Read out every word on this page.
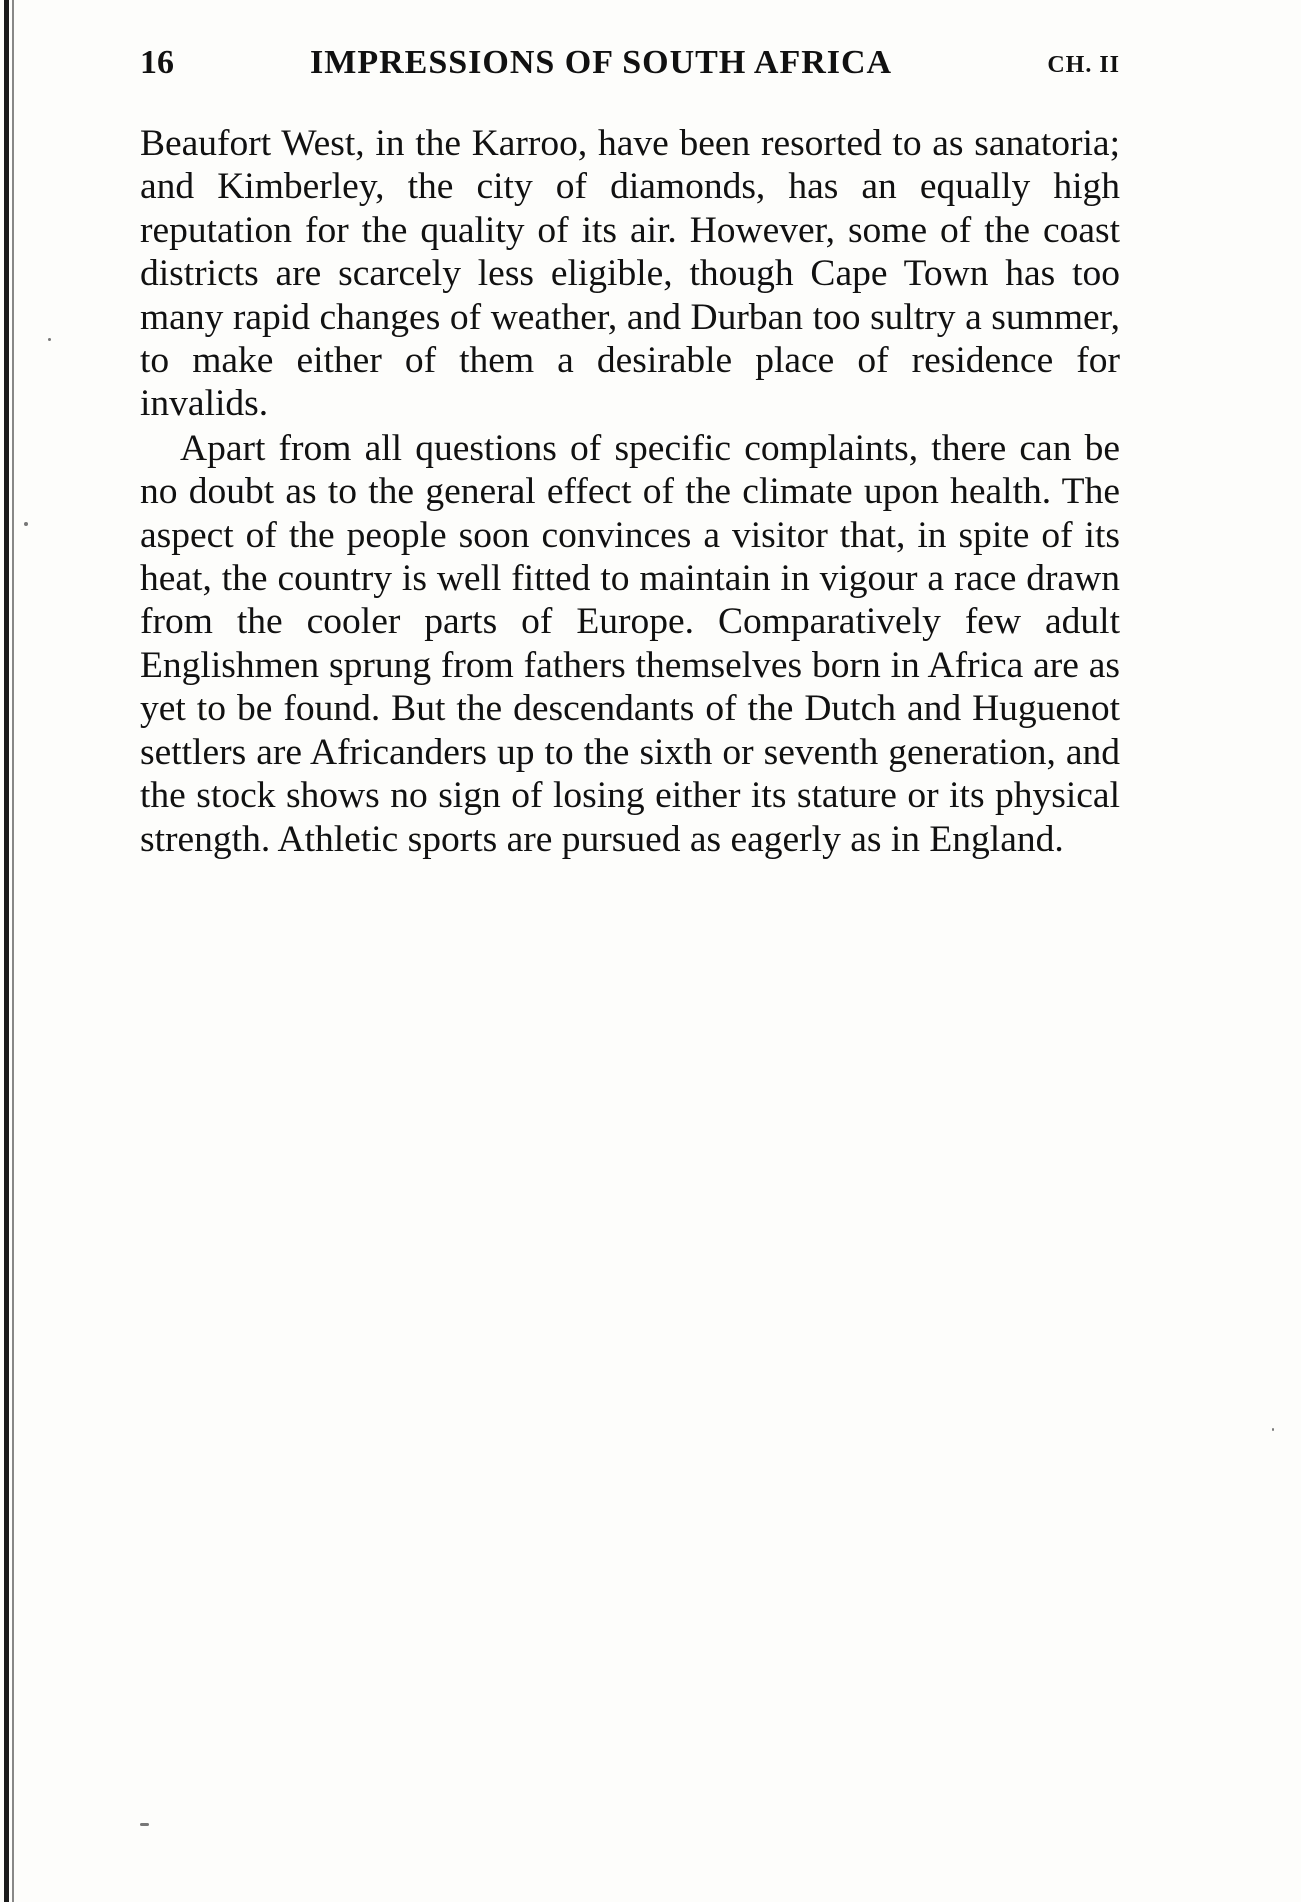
16	IMPRESSIONS OF SOUTH AFRICA	CH. II

Beaufort West, in the Karroo, have been resorted to as sanatoria; and Kimberley, the city of diamonds, has an equally high reputation for the quality of its air. However, some of the coast districts are scarcely less eligible, though Cape Town has too many rapid changes of weather, and Durban too sultry a summer, to make either of them a desirable place of residence for invalids.

Apart from all questions of specific complaints, there can be no doubt as to the general effect of the climate upon health. The aspect of the people soon convinces a visitor that, in spite of its heat, the country is well fitted to maintain in vigour a race drawn from the cooler parts of Europe. Comparatively few adult Englishmen sprung from fathers themselves born in Africa are as yet to be found. But the descendants of the Dutch and Huguenot settlers are Africanders up to the sixth or seventh generation, and the stock shows no sign of losing either its stature or its physical strength. Athletic sports are pursued as eagerly as in England.
